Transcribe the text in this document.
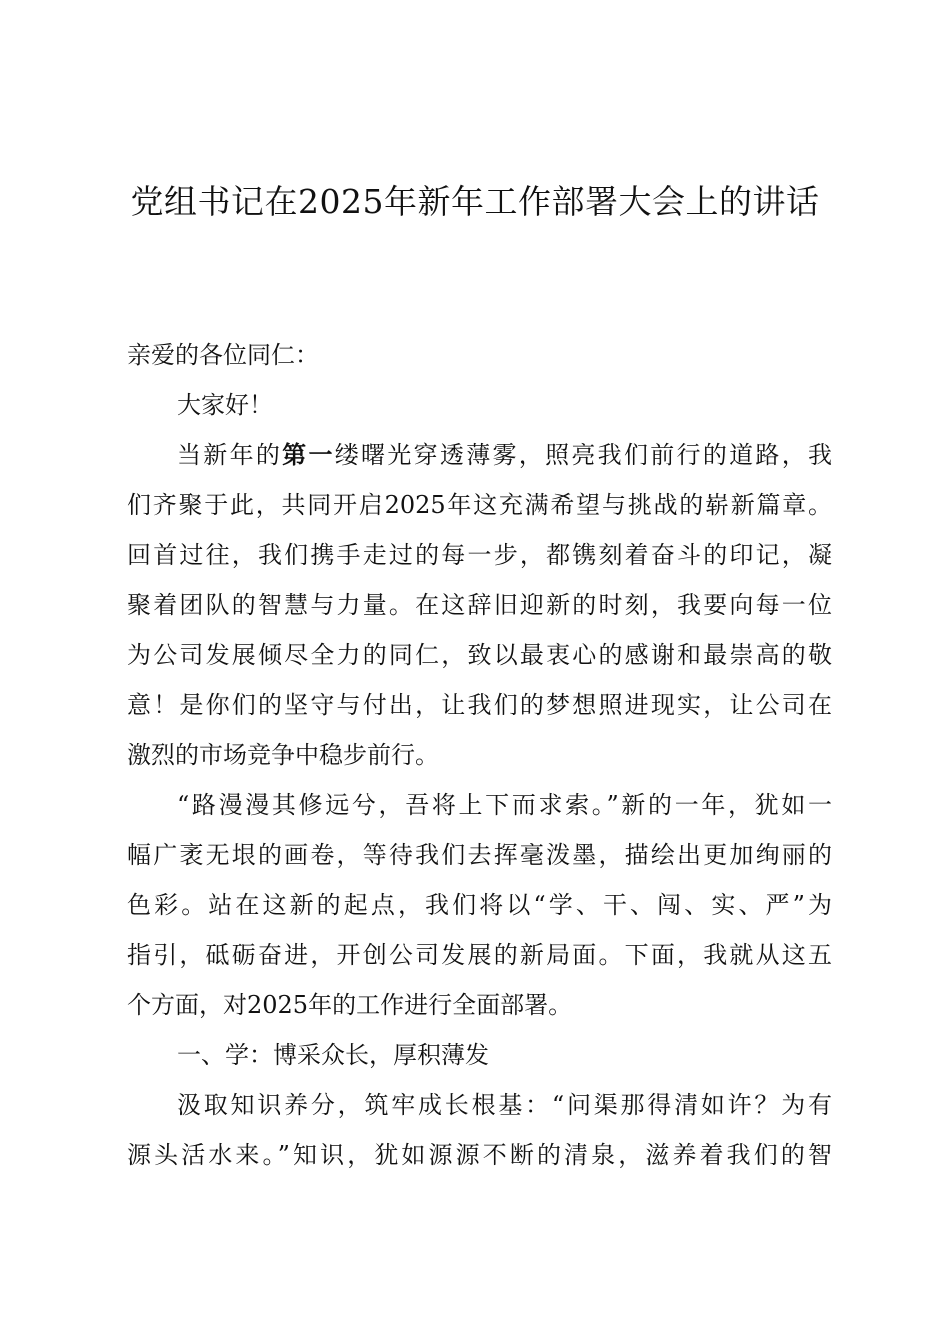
党组书记在2025年新年工作部署大会上的讲话
亲爱的各位同仁：
大家好！
当新年的第一缕曙光穿透薄雾，照亮我们前行的道路，我
们齐聚于此，共同开启2025年这充满希望与挑战的崭新篇章。
回首过往，我们携手走过的每一步，都镌刻着奋斗的印记，凝
聚着团队的智慧与力量。在这辞旧迎新的时刻，我要向每一位
为公司发展倾尽全力的同仁，致以最衷心的感谢和最崇高的敬
意！是你们的坚守与付出，让我们的梦想照进现实，让公司在
激烈的市场竞争中稳步前行。
“路漫漫其修远兮，吾将上下而求索。”新的一年，犹如一
幅广袤无垠的画卷，等待我们去挥毫泼墨，描绘出更加绚丽的
色彩。站在这新的起点，我们将以“学、干、闯、实、严”为
指引，砥砺奋进，开创公司发展的新局面。下面，我就从这五
个方面，对2025年的工作进行全面部署。
一、学：博采众长，厚积薄发
汲取知识养分，筑牢成长根基：“问渠那得清如许？为有
源头活水来。”知识，犹如源源不断的清泉，滋养着我们的智
